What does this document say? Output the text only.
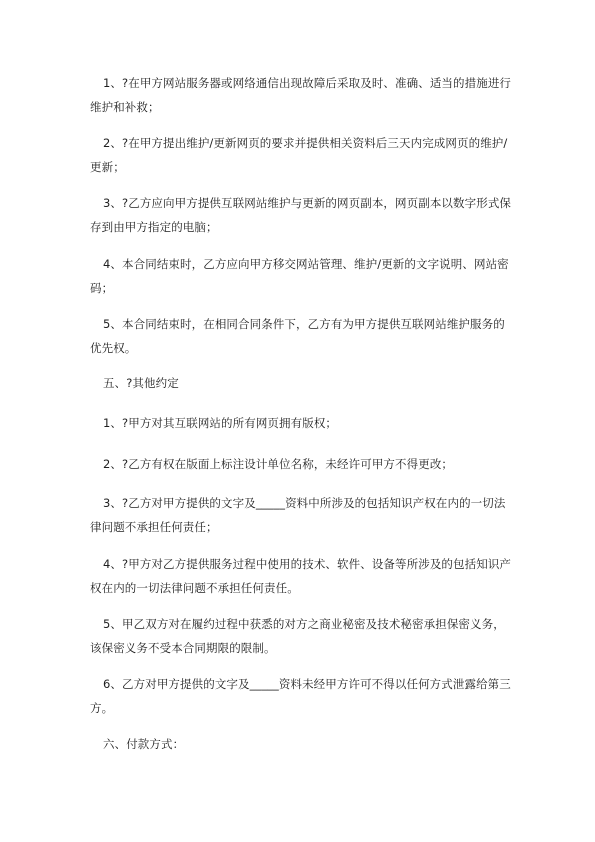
1、?在甲方网站服务器或网络通信出现故障后采取及时、准确、适当的措施进行
维护和补救；
2、?在甲方提出维护/更新网页的要求并提供相关资料后三天内完成网页的维护/
更新；
3、?乙方应向甲方提供互联网站维护与更新的网页副本，网页副本以数字形式保
存到由甲方指定的电脑；
4、本合同结束时，乙方应向甲方移交网站管理、维护/更新的文字说明、网站密
码；
5、本合同结束时，在相同合同条件下，乙方有为甲方提供互联网站维护服务的
优先权。
五、?其他约定
1、?甲方对其互联网站的所有网页拥有版权；
2、?乙方有权在版面上标注设计单位名称，未经许可甲方不得更改；
3、?乙方对甲方提供的文字及_____资料中所涉及的包括知识产权在内的一切法
律问题不承担任何责任；
4、?甲方对乙方提供服务过程中使用的技术、软件、设备等所涉及的包括知识产
权在内的一切法律问题不承担任何责任。
5、甲乙双方对在履约过程中获悉的对方之商业秘密及技术秘密承担保密义务，
该保密义务不受本合同期限的限制。
6、乙方对甲方提供的文字及_____资料未经甲方许可不得以任何方式泄露给第三
方。
六、付款方式：
